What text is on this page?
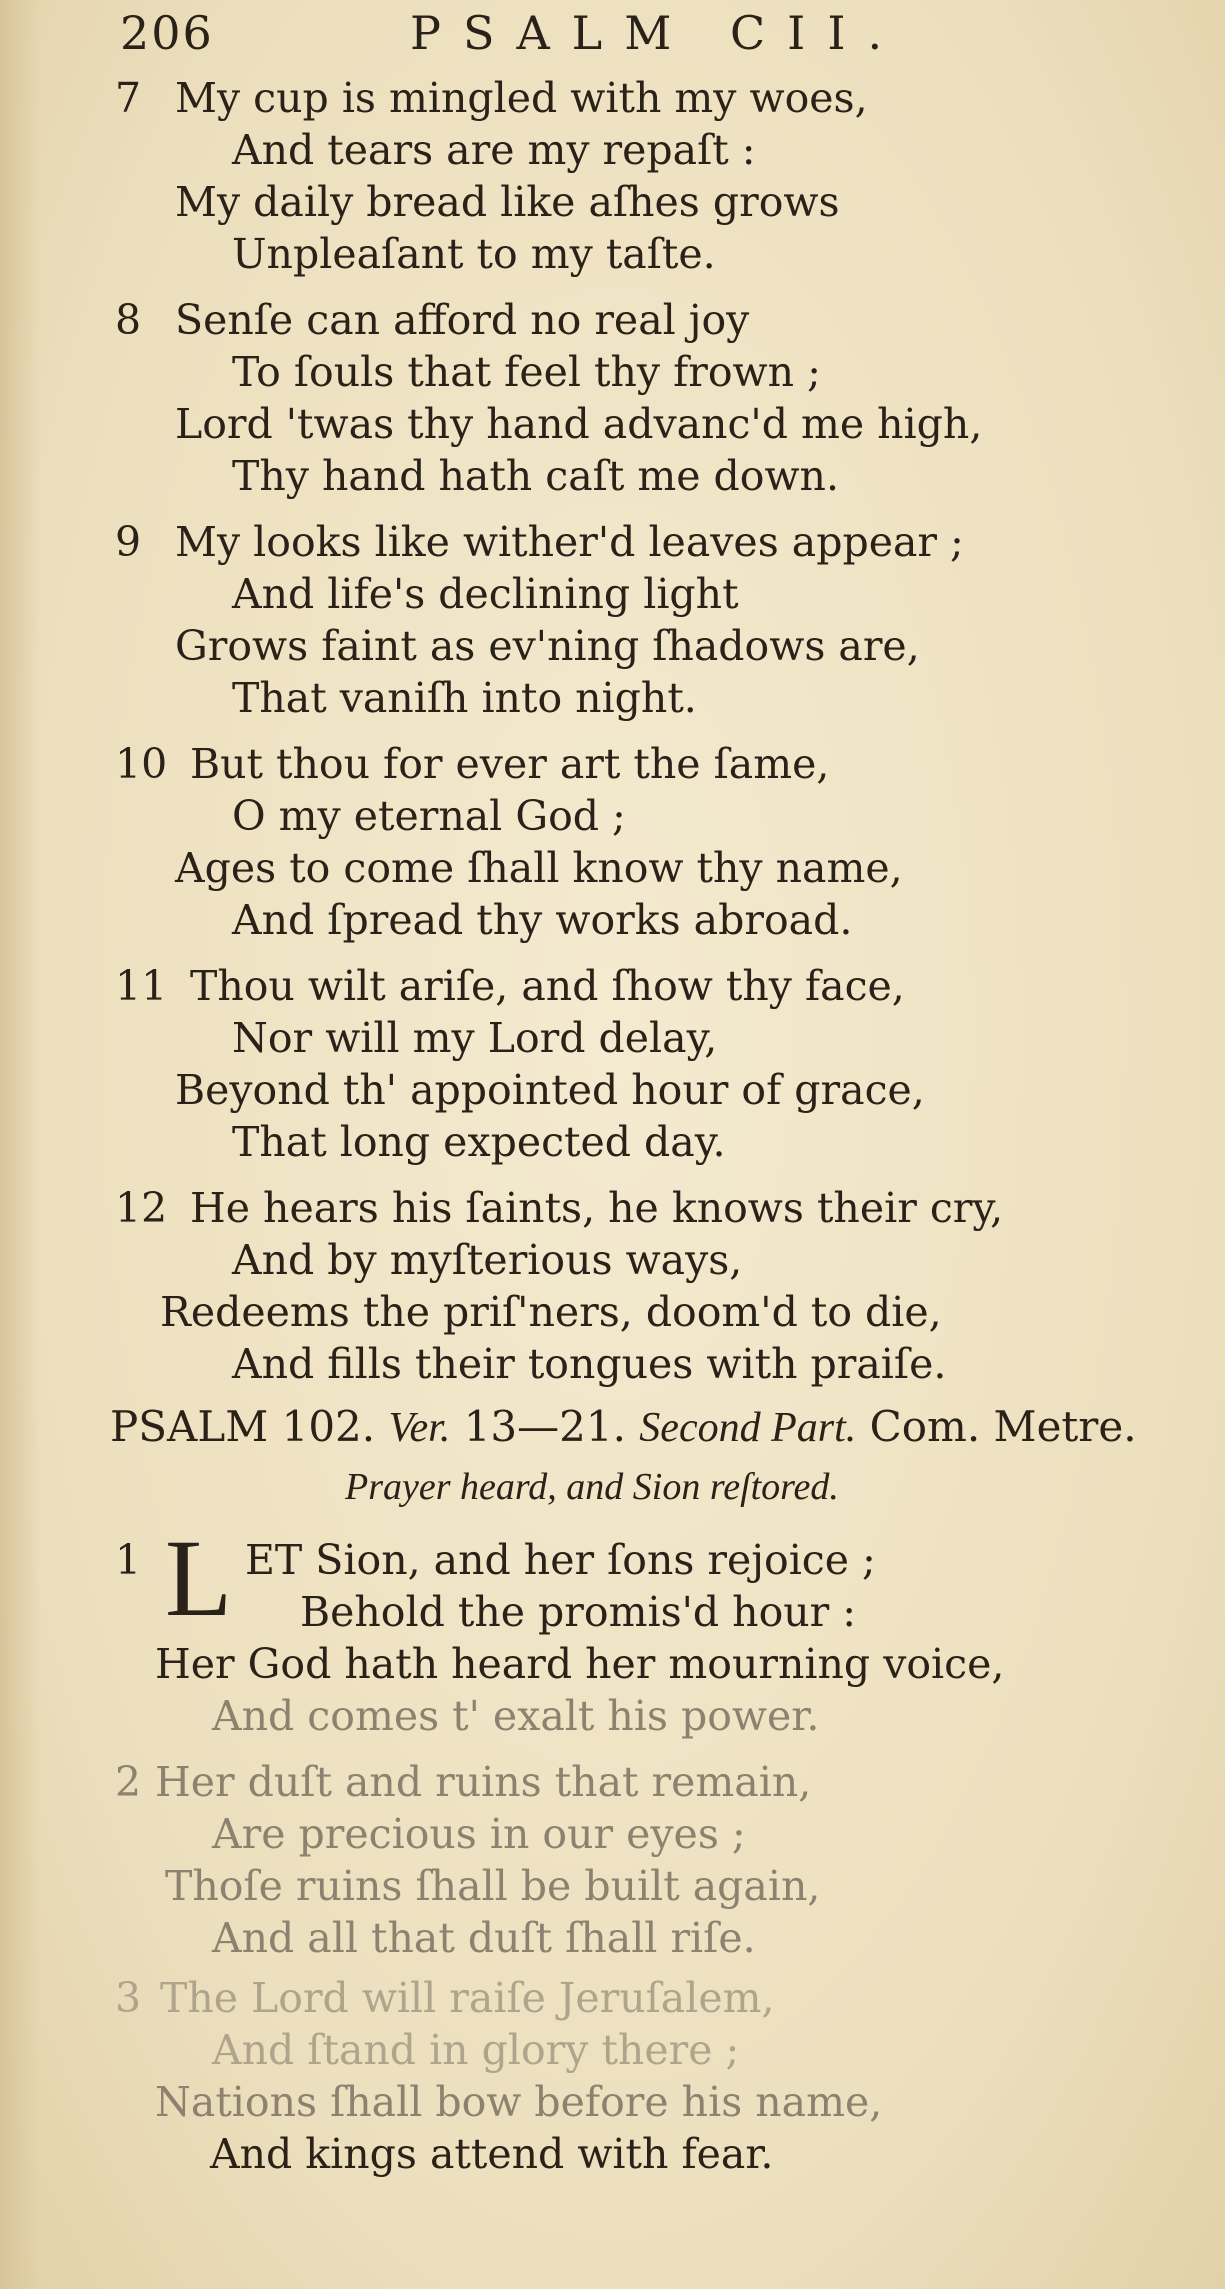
206	PSALM CII.
7 My cup is mingled with my woes,
And tears are my repaſt :
My daily bread like aſhes grows
Unpleaſant to my taſte.
8 Senſe can afford no real joy
To ſouls that feel thy frown ;
Lord 'twas thy hand advanc'd me high,
Thy hand hath caſt me down.
9 My looks like wither'd leaves appear ;
And life's declining light
Grows faint as ev'ning ſhadows are,
That vaniſh into night.
10 But thou for ever art the ſame,
O my eternal God ;
Ages to come ſhall know thy name,
And ſpread thy works abroad.
11 Thou wilt ariſe, and ſhow thy face,
Nor will my Lord delay,
Beyond th' appointed hour of grace,
That long expected day.
12 He hears his ſaints, he knows their cry,
And by myſterious ways,
Redeems the priſ'ners, doom'd to die,
And fills their tongues with praiſe.
PSALM 102. Ver. 13—21. Second Part. Com. Metre.
Prayer heard, and Sion reſtored.
1 L ET Sion, and her ſons rejoice ;
Behold the promis'd hour :
Her God hath heard her mourning voice,
And comes t' exalt his power.
2 Her duſt and ruins that remain,
Are precious in our eyes ;
Thoſe ruins ſhall be built again,
And all that duſt ſhall riſe.
3 The Lord will raiſe Jeruſalem,
And ſtand in glory there ;
Nations ſhall bow before his name,
And kings attend with fear.
